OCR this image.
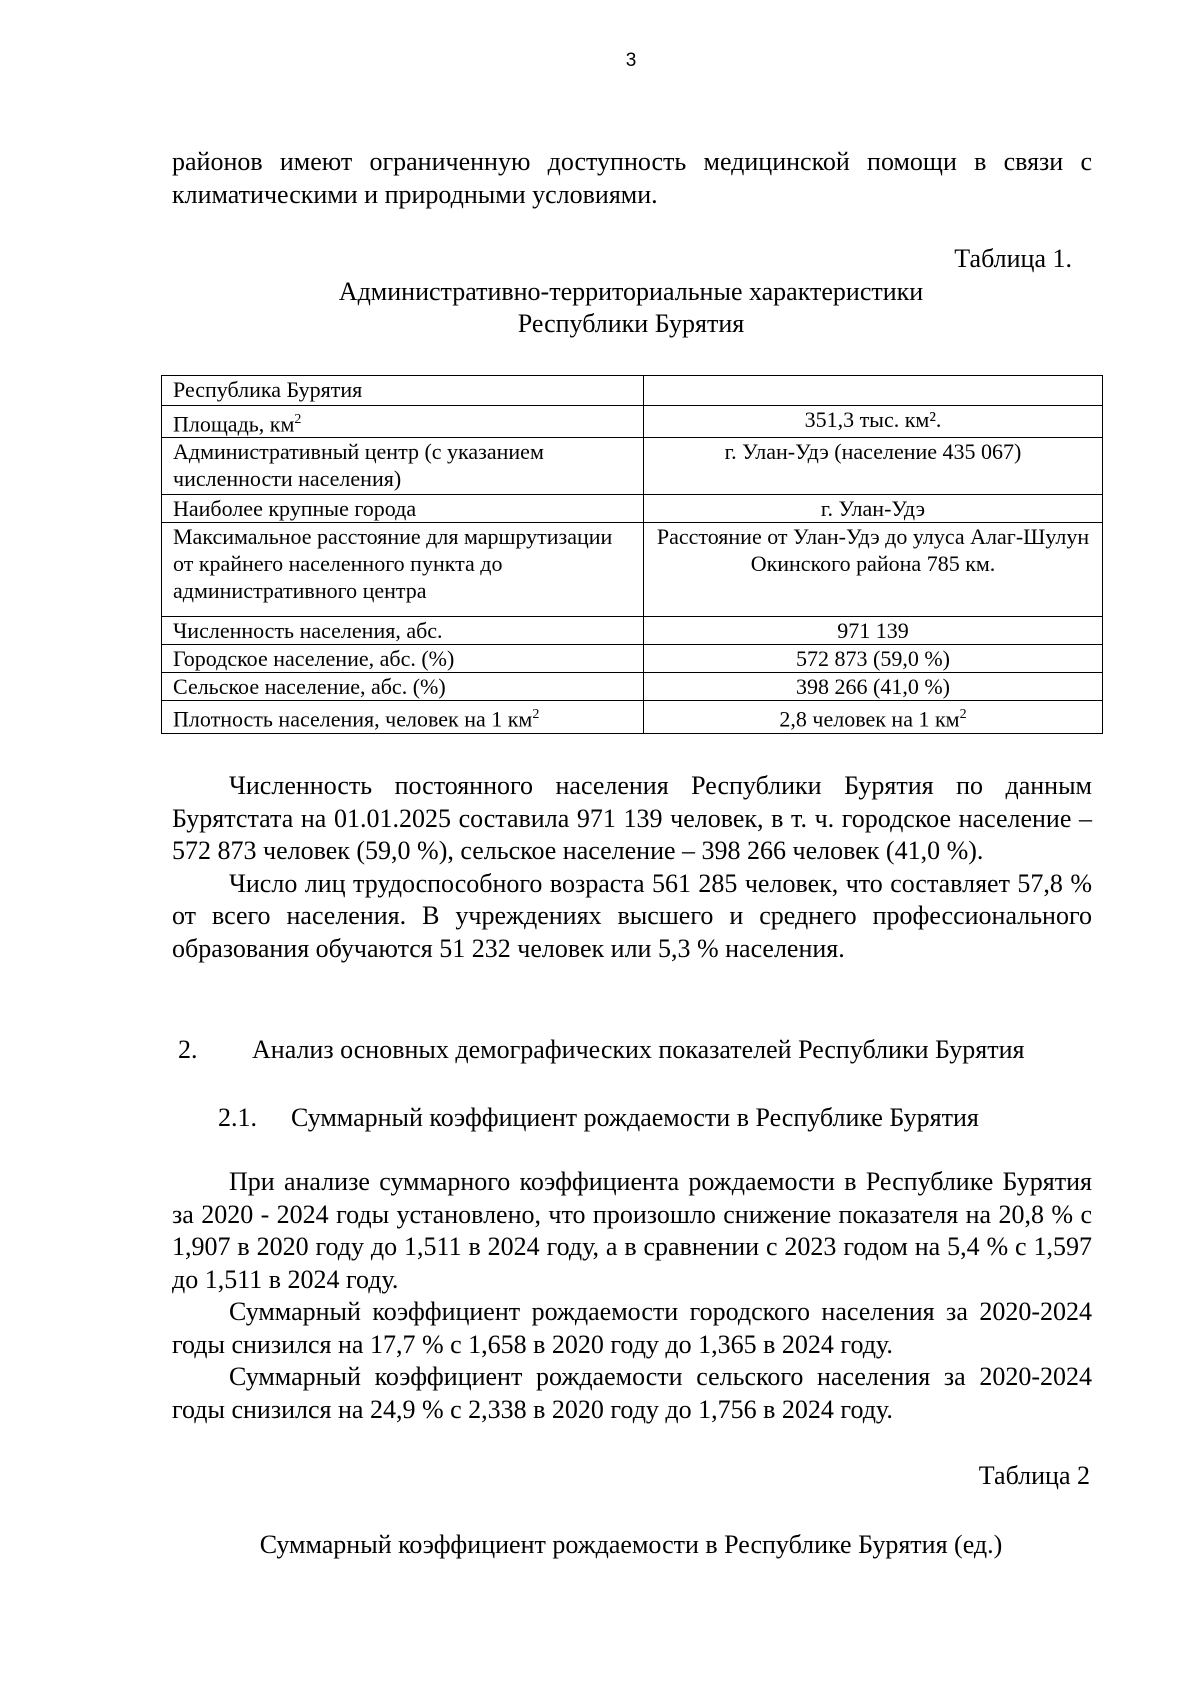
3

районов имеют ограниченную доступность медицинской помощи в связи с климатическими и природными условиями.

Таблица 1.
Административно-территориальные характеристики
Республики Бурятия
Республика Бурятия	
Площадь, $км^2$	351,3 тыс. км².
Административный центр (с указанием численности населения)	г. Улан-Удэ (население 435 067)
Наиболее крупные города	г. Улан-Удэ
Максимальное расстояние для маршрутизации от крайнего населенного пункта до административного центра	Расстояние от Улан-Удэ до улуса Алаг-Шулун Окинского района 785 км.
Численность населения, абс.	971 139
Городское население, абс. (%)	572 873 (59,0 %)
Сельское население, абс. (%)	398 266 (41,0 %)
Плотность населения, человек на 1 $км^2$	2,8 человек на 1 $км^2$

Численность постоянного населения Республики Бурятия по данным Бурятстата на 01.01.2025 составила 971 139 человек, в т. ч. городское население – 572 873 человек (59,0 %), сельское население – 398 266 человек (41,0 %).

Число лиц трудоспособного возраста 561 285 человек, что составляет 57,8 % от всего населения. В учреждениях высшего и среднего профессионального образования обучаются 51 232 человек или 5,3 % населения.

2. Анализ основных демографических показателей Республики Бурятия
2.1. Суммарный коэффициент рождаемости в Республике Бурятия

При анализе суммарного коэффициента рождаемости в Республике Бурятия за 2020 - 2024 годы установлено, что произошло снижение показателя на 20,8 % с 1,907 в 2020 году до 1,511 в 2024 году, а в сравнении с 2023 годом на 5,4 % с 1,597 до 1,511 в 2024 году.

Суммарный коэффициент рождаемости городского населения за 2020-2024 годы снизился на 17,7 % с 1,658 в 2020 году до 1,365 в 2024 году.

Суммарный коэффициент рождаемости сельского населения за 2020-2024 годы снизился на 24,9 % с 2,338 в 2020 году до 1,756 в 2024 году.

Таблица 2
Суммарный коэффициент рождаемости в Республике Бурятия (ед.)
